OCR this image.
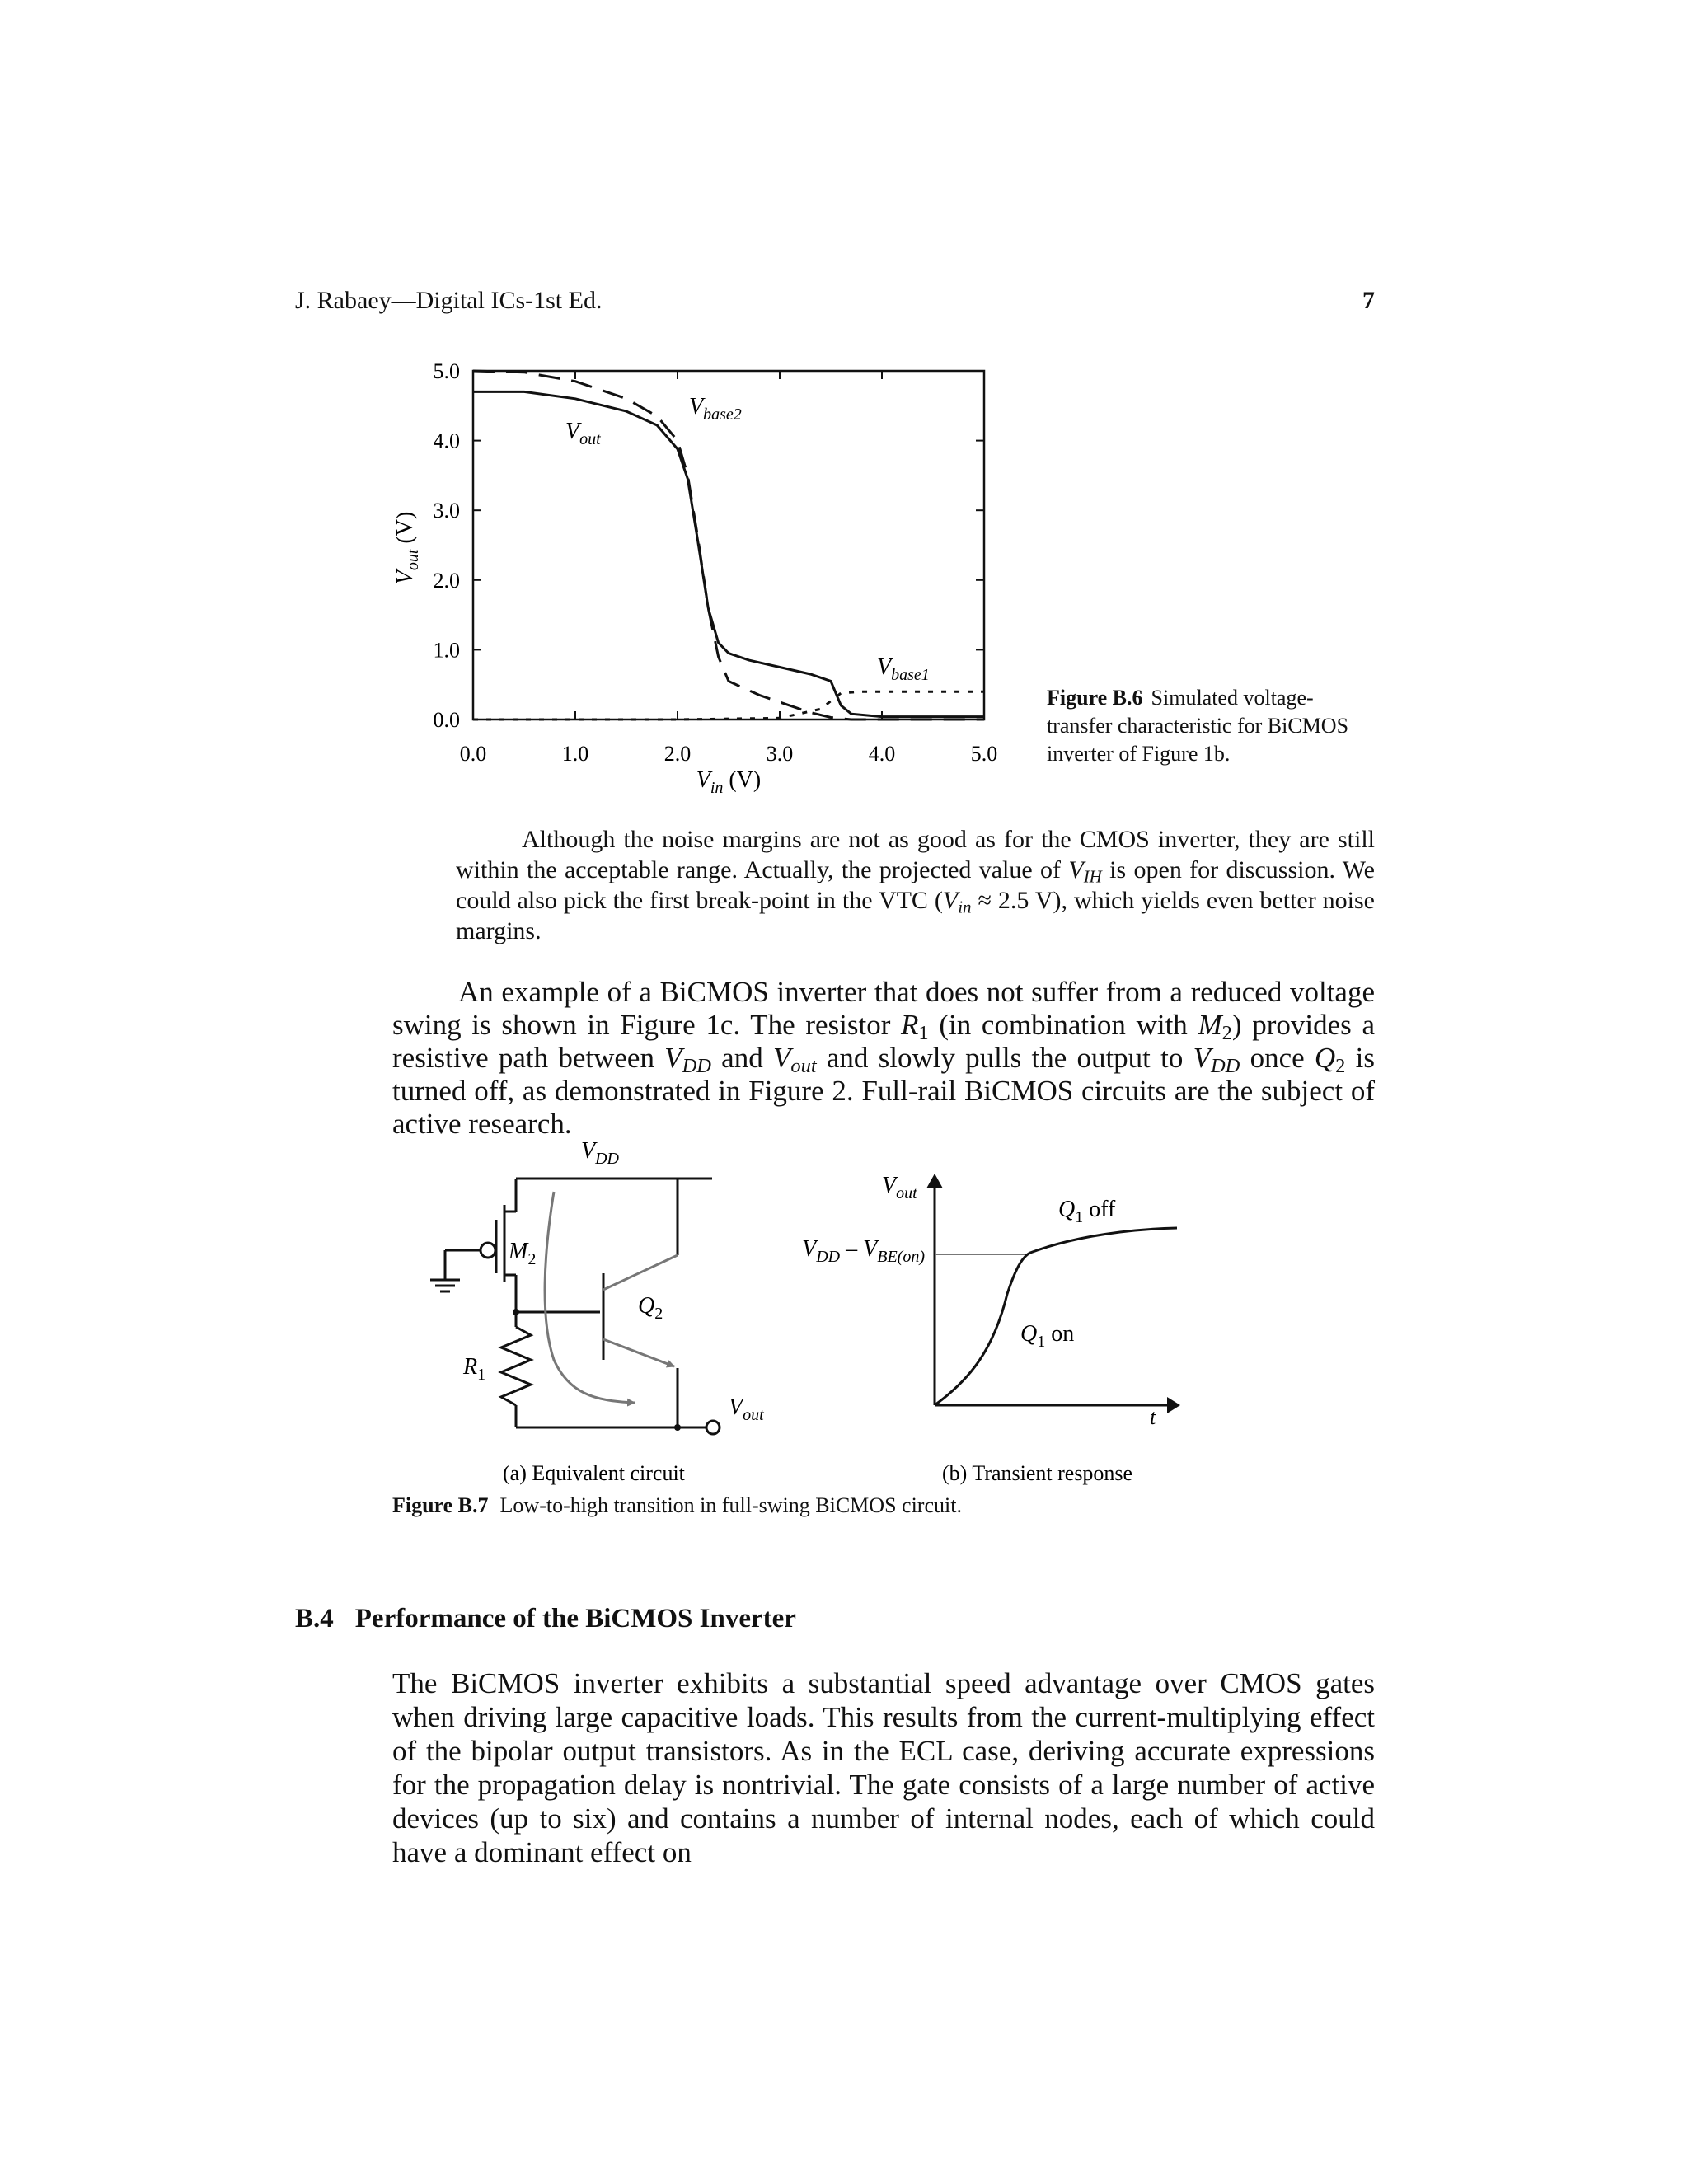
J. Rabaey—Digital ICs-1st Ed.	7
0.0	1.0	2.0	3.0	4.0	5.0
0.0
1.0
2.0
3.0
4.0
5.0
$V_{out}$
$V_{base2}$
$V_{base1}$
$V_{in}$ (V)
$V_{out}$ (V)
Figure B.6 Simulated voltage-transfer characteristic for BiCMOS inverter of Figure 1b.
Although the noise margins are not as good as for the CMOS inverter, they are still within the acceptable range. Actually, the projected value of $V_{IH}$ is open for discussion. We could also pick the first break-point in the VTC ($V_{in} \approx 2.5$ V), which yields even better noise margins.
An example of a BiCMOS inverter that does not suffer from a reduced voltage swing is shown in Figure 1c. The resistor $R_1$ (in combination with $M_2$) provides a resistive path between $V_{DD}$ and $V_{out}$ and slowly pulls the output to $V_{DD}$ once $Q_2$ is turned off, as demonstrated in Figure 2. Full-rail BiCMOS circuits are the subject of active research.
$V_{DD}$
$M_2$
$Q_2$
$R_1$
$V_{out}$
(a) Equivalent circuit
$V_{out}$
$V_{DD} - V_{BE(on)}$
$Q_1$ off
$Q_1$ on
t
(b) Transient response
Figure B.7 Low-to-high transition in full-swing BiCMOS circuit.
B.4 Performance of the BiCMOS Inverter
The BiCMOS inverter exhibits a substantial speed advantage over CMOS gates when driving large capacitive loads. This results from the current-multiplying effect of the bipolar output transistors. As in the ECL case, deriving accurate expressions for the propagation delay is nontrivial. The gate consists of a large number of active devices (up to six) and contains a number of internal nodes, each of which could have a dominant effect on
